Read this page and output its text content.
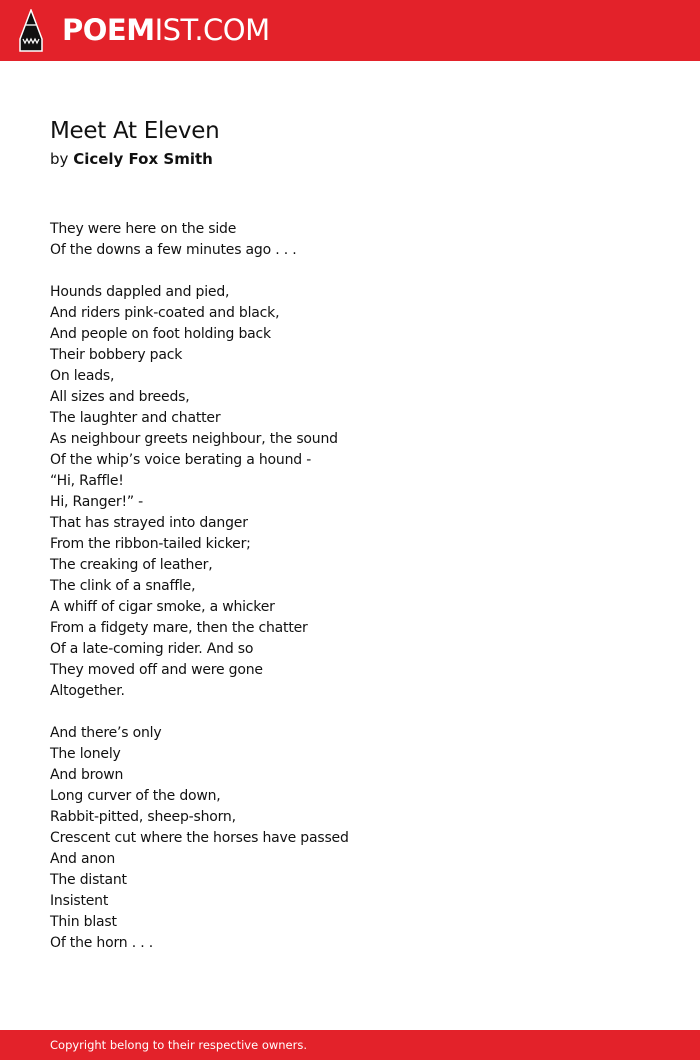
POEMIST.COM
Meet At Eleven
by Cicely Fox Smith
They were here on the side
Of the downs a few minutes ago . . .
Hounds dappled and pied,
And riders pink-coated and black,
And people on foot holding back
Their bobbery pack
On leads,
All sizes and breeds,
The laughter and chatter
As neighbour greets neighbour, the sound
Of the whip’s voice berating a hound -
“Hi, Raffle!
Hi, Ranger!” -
That has strayed into danger
From the ribbon-tailed kicker;
The creaking of leather,
The clink of a snaffle,
A whiff of cigar smoke, a whicker
From a fidgety mare, then the chatter
Of a late-coming rider. And so
They moved off and were gone
Altogether.
And there’s only
The lonely
And brown
Long curver of the down,
Rabbit-pitted, sheep-shorn,
Crescent cut where the horses have passed
And anon
The distant
Insistent
Thin blast
Of the horn . . .
Copyright belong to their respective owners.
